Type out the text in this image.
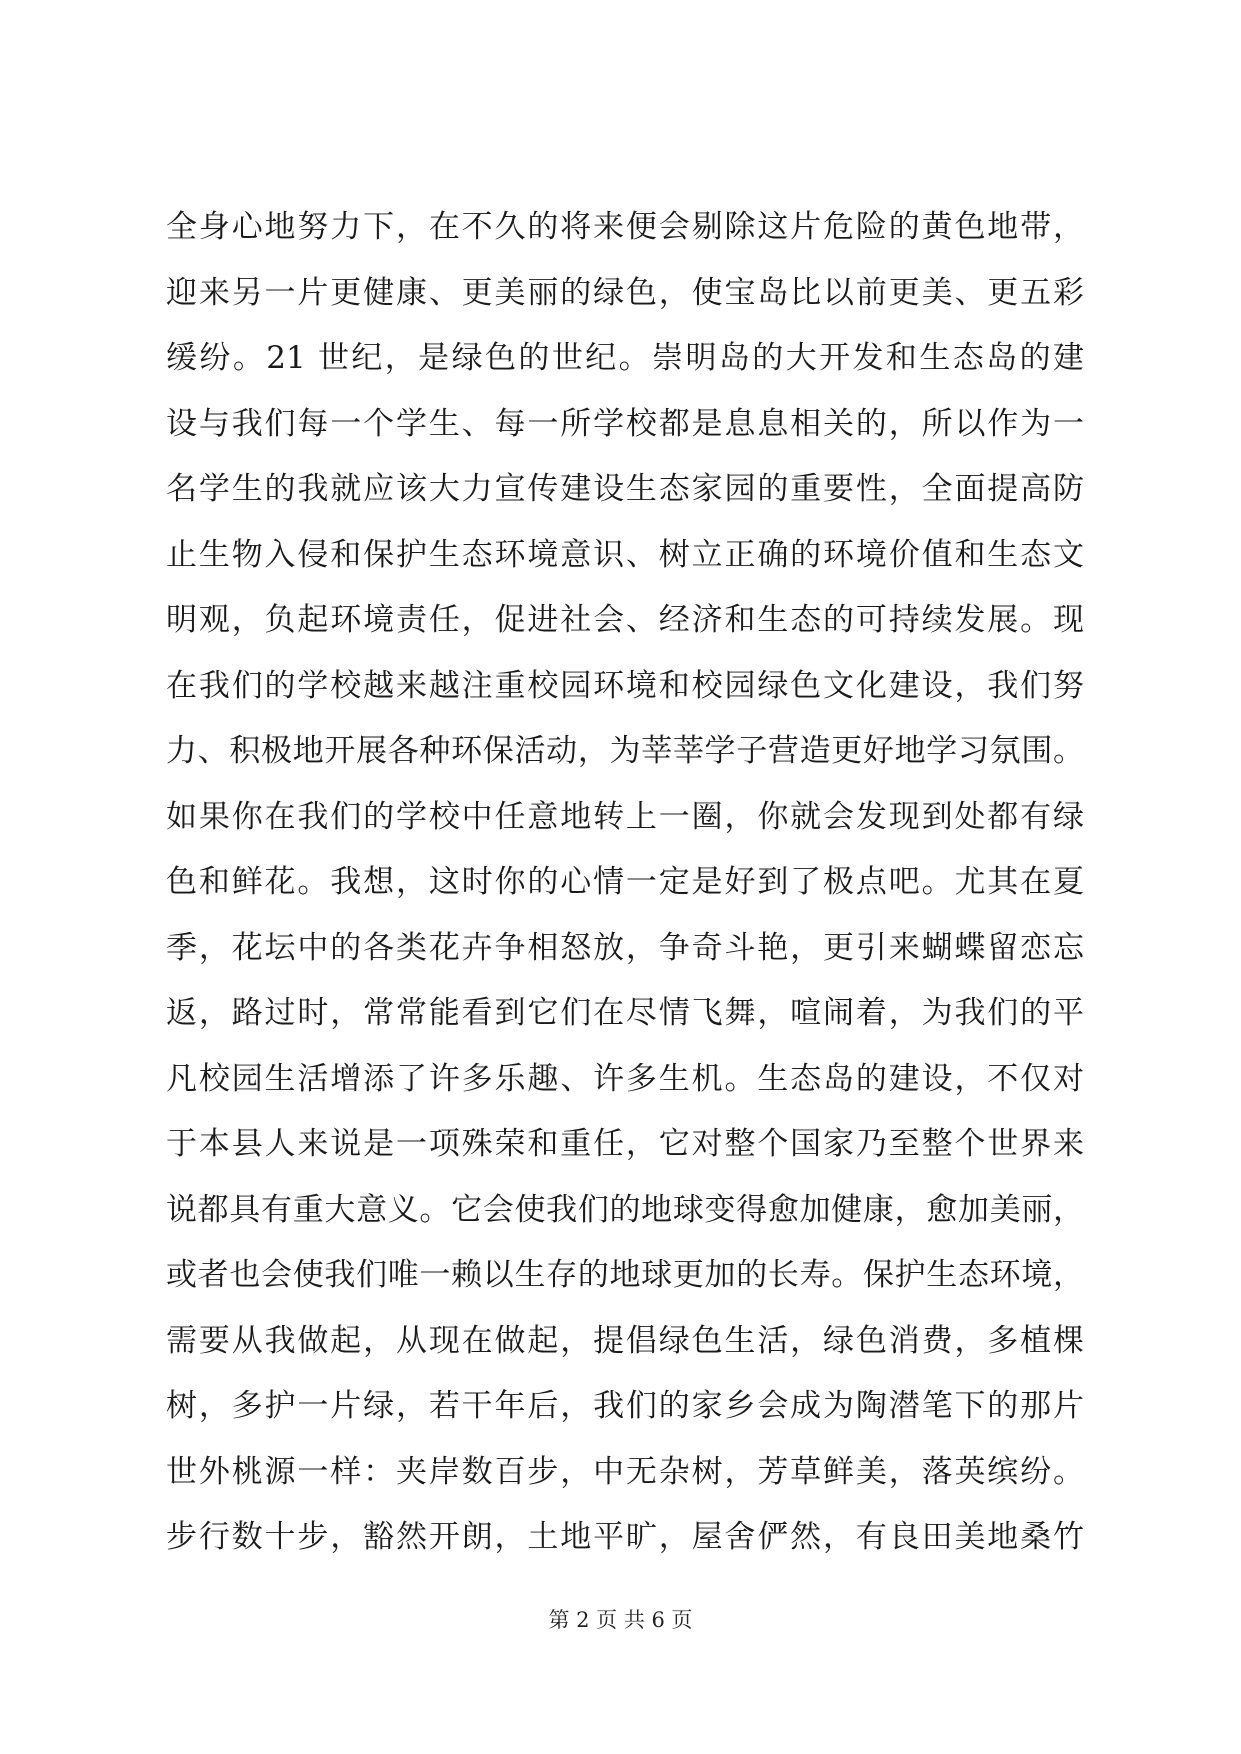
全身心地努力下，在不久的将来便会剔除这片危险的黄色地带，
迎来另一片更健康、更美丽的绿色，使宝岛比以前更美、更五彩
缓纷。21 世纪，是绿色的世纪。崇明岛的大开发和生态岛的建
设与我们每一个学生、每一所学校都是息息相关的，所以作为一
名学生的我就应该大力宣传建设生态家园的重要性，全面提高防
止生物入侵和保护生态环境意识、树立正确的环境价值和生态文
明观，负起环境责任，促进社会、经济和生态的可持续发展。现
在我们的学校越来越注重校园环境和校园绿色文化建设，我们努
力、积极地开展各种环保活动，为莘莘学子营造更好地学习氛围。
如果你在我们的学校中任意地转上一圈，你就会发现到处都有绿
色和鲜花。我想，这时你的心情一定是好到了极点吧。尤其在夏
季，花坛中的各类花卉争相怒放，争奇斗艳，更引来蝴蝶留恋忘
返，路过时，常常能看到它们在尽情飞舞，喧闹着，为我们的平
凡校园生活增添了许多乐趣、许多生机。生态岛的建设，不仅对
于本县人来说是一项殊荣和重任，它对整个国家乃至整个世界来
说都具有重大意义。它会使我们的地球变得愈加健康，愈加美丽，
或者也会使我们唯一赖以生存的地球更加的长寿。保护生态环境，
需要从我做起，从现在做起，提倡绿色生活，绿色消费，多植棵
树，多护一片绿，若干年后，我们的家乡会成为陶潜笔下的那片
世外桃源一样：夹岸数百步，中无杂树，芳草鲜美，落英缤纷。
步行数十步，豁然开朗，土地平旷，屋舍俨然，有良田美地桑竹
第 2 页 共 6 页
